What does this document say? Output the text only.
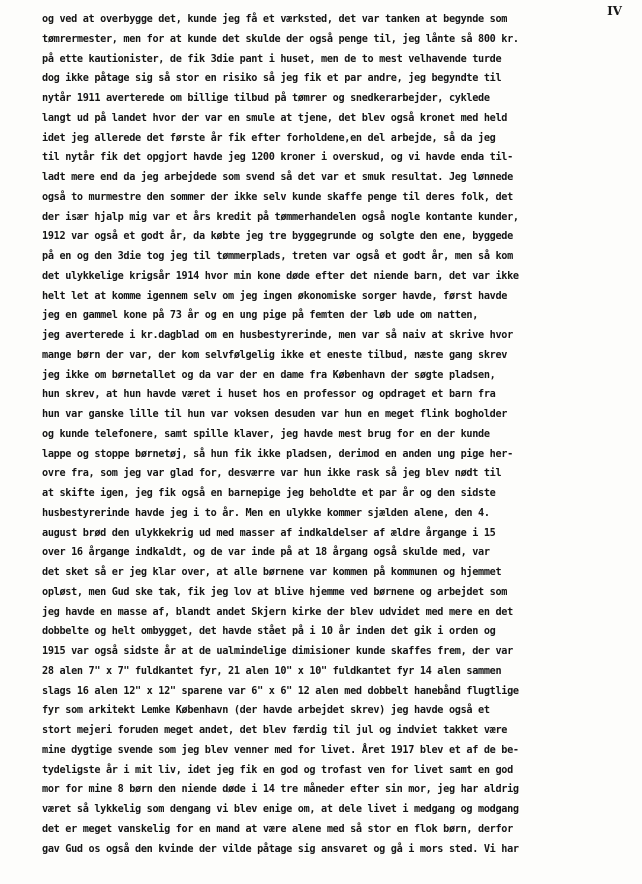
IV
og ved at overbygge det, kunde jeg få et værksted, det var tanken at begynde som
tømrermester, men for at kunde det skulde der også penge til, jeg lånte så 800 kr.
på ette kautionister, de fik 3die pant i huset, men de to mest velhavende turde
dog ikke påtage sig så stor en risiko så jeg fik et par andre, jeg begyndte til
nytår 1911 averterede om billige tilbud på tømrer og snedkerarbejder, cyklede
langt ud på landet hvor der var en smule at tjene, det blev også kronet med held
idet jeg allerede det første år fik efter forholdene,en del arbejde, så da jeg
til nytår fik det opgjort havde jeg 1200 kroner i overskud, og vi havde enda til-
ladt mere end da jeg arbejdede som svend så det var et smuk resultat. Jeg lønnede
også to murmestre den sommer der ikke selv kunde skaffe penge til deres folk, det
der især hjalp mig var et års kredit på tømmerhandelen også nogle kontante kunder,
1912 var også et godt år, da købte jeg tre byggegrunde og solgte den ene, byggede
på en og den 3die tog jeg til tømmerplads, treten var også et godt år, men så kom
det ulykkelige krigsår 1914 hvor min kone døde efter det niende barn, det var ikke
helt let at komme igennem selv om jeg ingen økonomiske sorger havde, først havde
jeg en gammel kone på 73 år og en ung pige på femten der løb ude om natten,
jeg averterede i kr.dagblad om en husbestyrerinde, men var så naiv at skrive hvor
mange børn der var, der kom selvfølgelig ikke et eneste tilbud, næste gang skrev
jeg ikke om børnetallet og da var der en dame fra København der søgte pladsen,
hun skrev, at hun havde været i huset hos en professor og opdraget et barn fra
hun var ganske lille til hun var voksen desuden var hun en meget flink bogholder
og kunde telefonere, samt spille klaver, jeg havde mest brug for en der kunde
lappe og stoppe børnetøj, så hun fik ikke pladsen, derimod en anden ung pige her-
ovre fra, som jeg var glad for, desværre var hun ikke rask så jeg blev nødt til
at skifte igen, jeg fik også en barnepige jeg beholdte et par år og den sidste
husbestyrerinde havde jeg i to år. Men en ulykke kommer sjælden alene, den 4.
august brød den ulykkekrig ud med masser af indkaldelser af ældre årgange i 15
over 16 årgange indkaldt, og de var inde på at 18 årgang også skulde med, var
det sket så er jeg klar over, at alle børnene var kommen på kommunen og hjemmet
opløst, men Gud ske tak, fik jeg lov at blive hjemme ved børnene og arbejdet som
jeg havde en masse af, blandt andet Skjern kirke der blev udvidet med mere en det
dobbelte og helt ombygget, det havde stået på i 10 år inden det gik i orden og
1915 var også sidste år at de ualmindelige dimisioner kunde skaffes frem, der var
28 alen 7" x 7" fuldkantet fyr, 21 alen 10" x 10" fuldkantet fyr 14 alen sammen
slags 16 alen 12" x 12" sparene var 6" x 6" 12 alen med dobbelt hanebånd flugtlige
fyr som arkitekt Lemke København (der havde arbejdet skrev) jeg havde også et
stort mejeri foruden meget andet, det blev færdig til jul og indviet takket være
mine dygtige svende som jeg blev venner med for livet. Året 1917 blev et af de be-
tydeligste år i mit liv, idet jeg fik en god og trofast ven for livet samt en god
mor for mine 8 børn den niende døde i 14 tre måneder efter sin mor, jeg har aldrig
været så lykkelig som dengang vi blev enige om, at dele livet i medgang og modgang
det er meget vanskelig for en mand at være alene med så stor en flok børn, derfor
gav Gud os også den kvinde der vilde påtage sig ansvaret og gå i mors sted. Vi har
